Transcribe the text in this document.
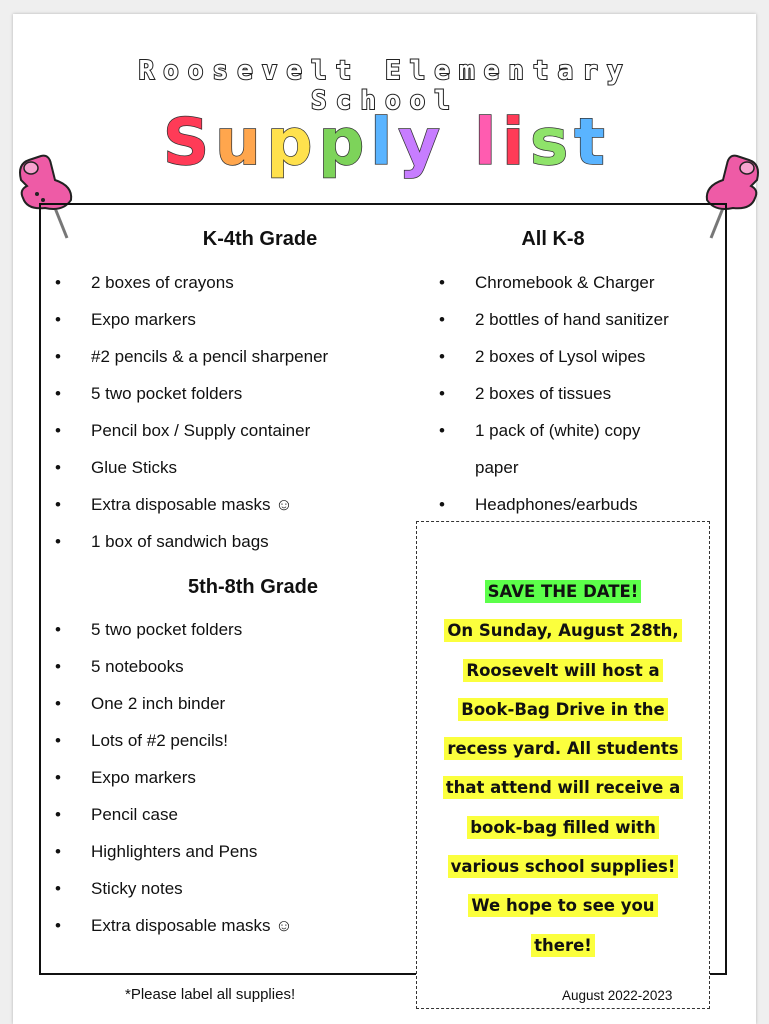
Roosevelt Elementary School
Supply list
K-4th Grade
• 2 boxes of crayons
• Expo markers
• #2 pencils & a pencil sharpener
• 5 two pocket folders
• Pencil box / Supply container
• Glue Sticks
• Extra disposable masks ☺
• 1 box of sandwich bags
All K-8
• Chromebook & Charger
• 2 bottles of hand sanitizer
• 2 boxes of Lysol wipes
• 2 boxes of tissues
• 1 pack of (white) copy
paper
• Headphones/earbuds
5th-8th Grade
• 5 two pocket folders
• 5 notebooks
• One 2 inch binder
• Lots of #2 pencils!
• Expo markers
• Pencil case
• Highlighters and Pens
• Sticky notes
• Extra disposable masks ☺
SAVE THE DATE!
On Sunday, August 28th,
Roosevelt will host a
Book-Bag Drive in the
recess yard. All students
that attend will receive a
book-bag filled with
various school supplies!
We hope to see you
there!
*Please label all supplies!	August 2022-2023
